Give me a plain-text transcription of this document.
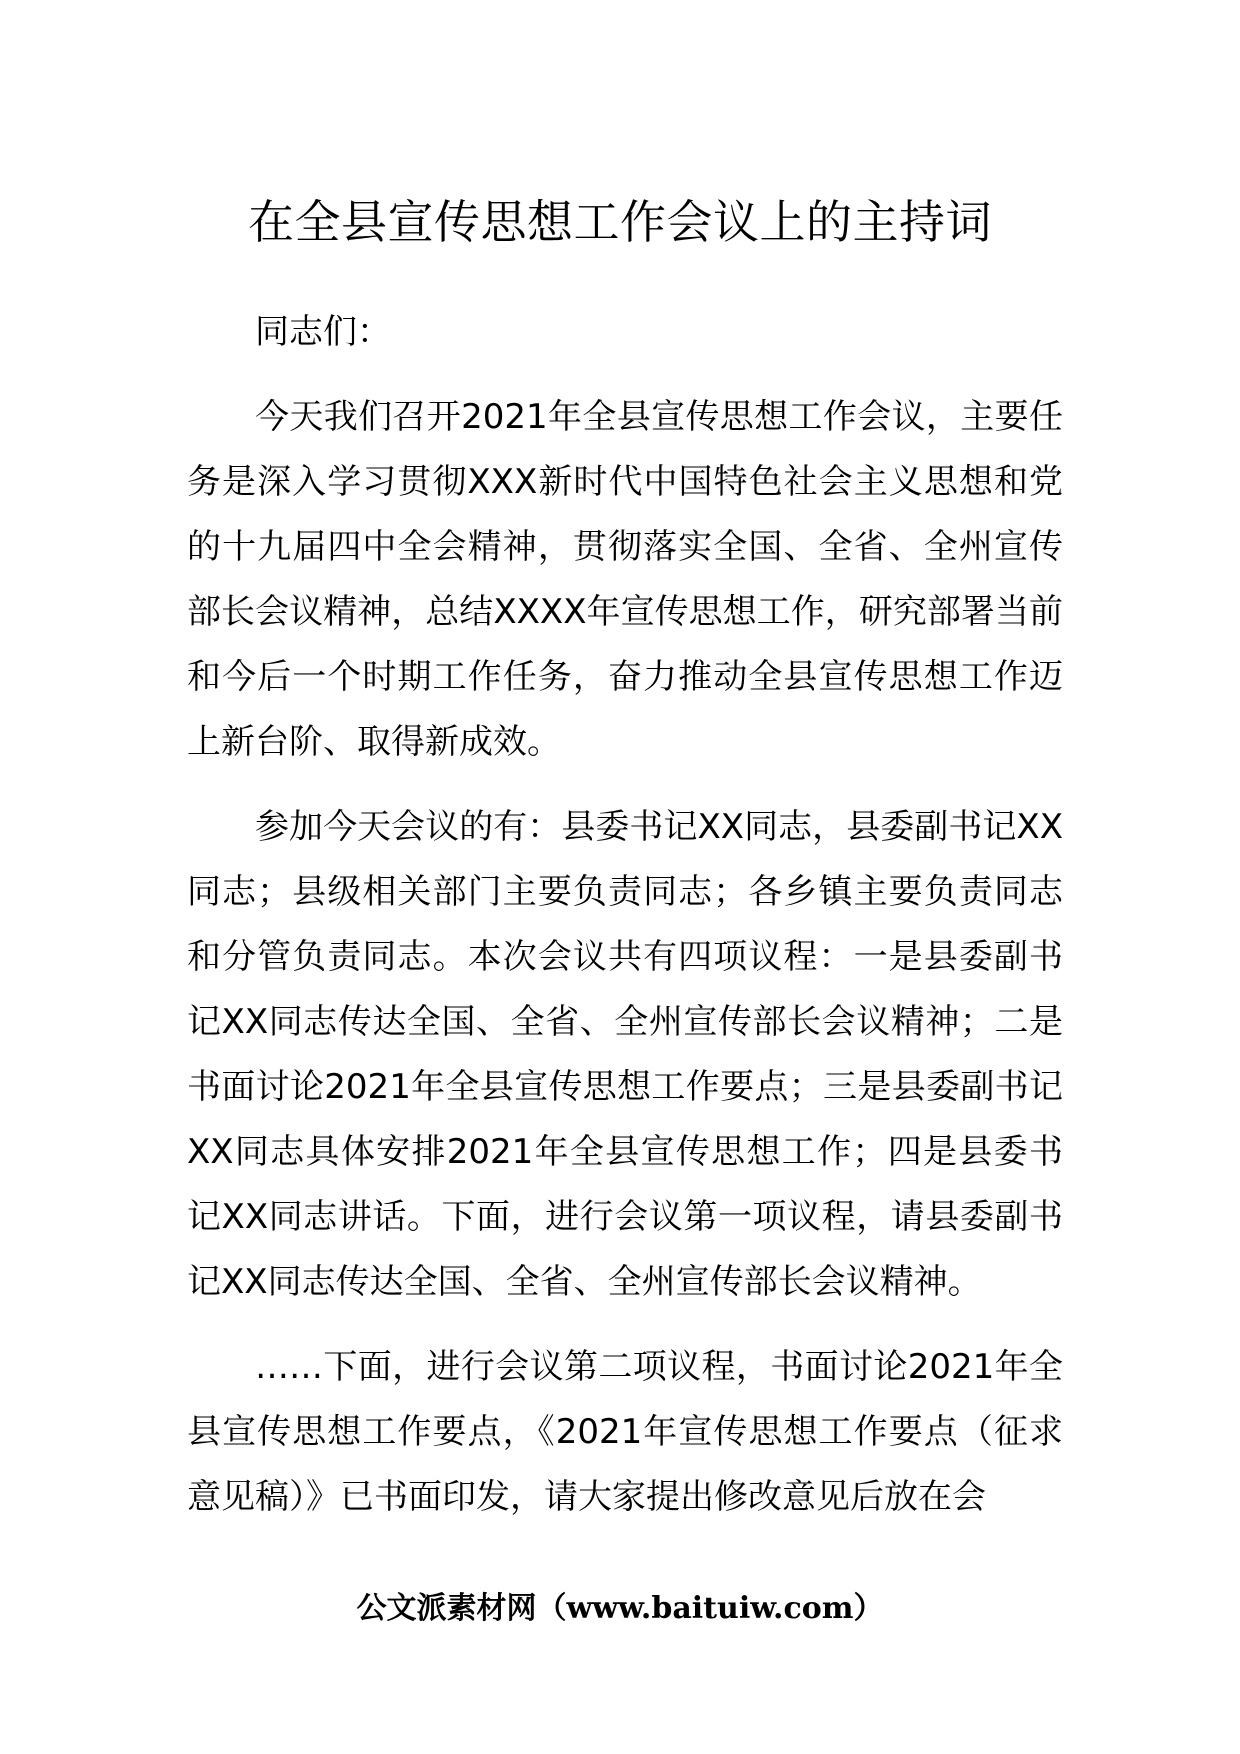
在全县宣传思想工作会议上的主持词

同志们：

今天我们召开2021年全县宣传思想工作会议，主要任务是深入学习贯彻XXX新时代中国特色社会主义思想和党的十九届四中全会精神，贯彻落实全国、全省、全州宣传部长会议精神，总结XXXX年宣传思想工作，研究部署当前和今后一个时期工作任务，奋力推动全县宣传思想工作迈上新台阶、取得新成效。

参加今天会议的有：县委书记XX同志，县委副书记XX同志；县级相关部门主要负责同志；各乡镇主要负责同志和分管负责同志。本次会议共有四项议程：一是县委副书记XX同志传达全国、全省、全州宣传部长会议精神；二是书面讨论2021年全县宣传思想工作要点；三是县委副书记XX同志具体安排2021年全县宣传思想工作；四是县委书记XX同志讲话。下面，进行会议第一项议程，请县委副书记XX同志传达全国、全省、全州宣传部长会议精神。

……下面，进行会议第二项议程，书面讨论2021年全县宣传思想工作要点，《2021年宣传思想工作要点（征求意见稿）》已书面印发，请大家提出修改意见后放在会

公文派素材网（www.baituiw.com）
